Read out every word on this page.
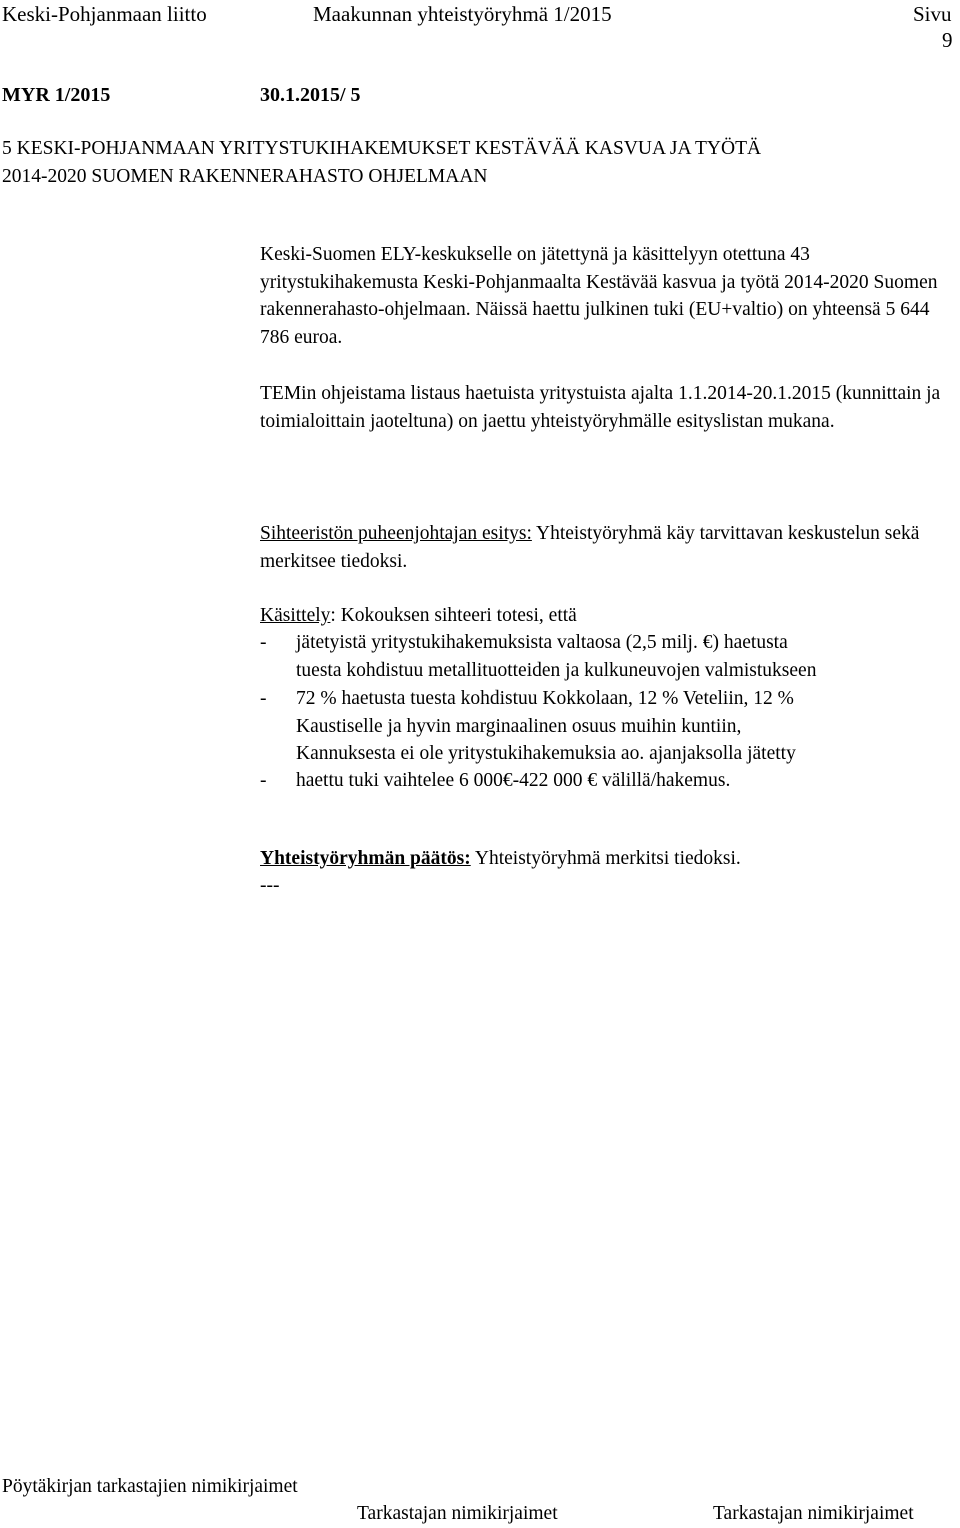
Keski-Pohjanmaan liitto	Maakunnan yhteistyöryhmä 1/2015	Sivu
9
MYR 1/2015	30.1.2015/ 5
5 KESKI-POHJANMAAN YRITYSTUKIHAKEMUKSET KESTÄVÄÄ KASVUA JA TYÖTÄ
2014-2020 SUOMEN RAKENNERAHASTO OHJELMAAN
Keski-Suomen ELY-keskukselle on jätettynä ja käsittelyyn otettuna 43 yritystukihakemusta Keski-Pohjanmaalta Kestävää kasvua ja työtä 2014-2020 Suomen rakennerahasto-ohjelmaan. Näissä haettu julkinen tuki (EU+valtio) on yhteensä 5 644 786 euroa.
TEMin ohjeistama listaus haetuista yritystuista ajalta 1.1.2014-20.1.2015 (kunnittain ja toimialoittain jaoteltuna) on jaettu yhteistyöryhmälle esityslistan mukana.
Sihteeristön puheenjohtajan esitys: Yhteistyöryhmä käy tarvittavan keskustelun sekä merkitsee tiedoksi.
Käsittely: Kokouksen sihteeri totesi, että
- jätetyistä yritystukihakemuksista valtaosa (2,5 milj. €) haetusta
tuesta kohdistuu metallituotteiden ja kulkuneuvojen valmistukseen
- 72 % haetusta tuesta kohdistuu Kokkolaan, 12 % Veteliin, 12 %
Kaustiselle ja hyvin marginaalinen osuus muihin kuntiin,
Kannuksesta ei ole yritystukihakemuksia ao. ajanjaksolla jätetty
- haettu tuki vaihtelee 6 000€-422 000 € välillä/hakemus.
Yhteistyöryhmän päätös: Yhteistyöryhmä merkitsi tiedoksi.
---
Pöytäkirjan tarkastajien nimikirjaimet
Tarkastajan nimikirjaimet	Tarkastajan nimikirjaimet
